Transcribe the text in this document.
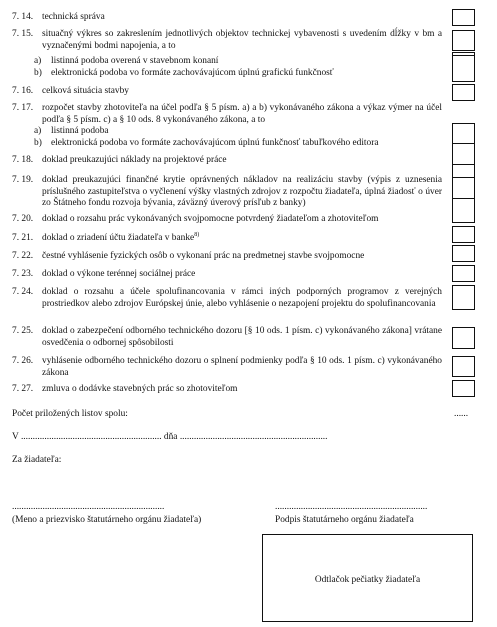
7. 14. technická správa
7. 15. situačný výkres so zakreslením jednotlivých objektov technickej vybavenosti s uvedením dĺžky v bm a vyznačenými bodmi napojenia, a to
a) listinná podoba overená v stavebnom konaní
b) elektronická podoba vo formáte zachovávajúcom úplnú grafickú funkčnosť
7. 16. celková situácia stavby
7. 17. rozpočet stavby zhotoviteľa na účel podľa § 5 písm. a) a b) vykonávaného zákona a výkaz výmer na účel podľa § 5 písm. c) a § 10 ods. 8 vykonávaného zákona, a to
a) listinná podoba
b) elektronická podoba vo formáte zachovávajúcom úplnú funkčnosť tabuľkového editora
7. 18. doklad preukazujúci náklady na projektové práce
7. 19. doklad preukazujúci finančné krytie oprávnených nákladov na realizáciu stavby (výpis z uznesenia príslušného zastupiteľstva o vyčlenení výšky vlastných zdrojov z rozpočtu žiadateľa, úplná žiadosť o úver zo Štátneho fondu rozvoja bývania, záväzný úverový prísľub z banky)
7. 20. doklad o rozsahu prác vykonávaných svojpomocne potvrdený žiadateľom a zhotoviteľom
7. 21. doklad o zriadení účtu žiadateľa v banke$^{8)}$
7. 22. čestné vyhlásenie fyzických osôb o vykonaní prác na predmetnej stavbe svojpomocne
7. 23. doklad o výkone terénnej sociálnej práce
7. 24. doklad o rozsahu a účele spolufinancovania v rámci iných podporných programov z verejných prostriedkov alebo zdrojov Európskej únie, alebo vyhlásenie o nezapojení projektu do spolufinancovania
7. 25. doklad o zabezpečení odborného technického dozoru [§ 10 ods. 1 písm. c) vykonávaného zákona] vrátane osvedčenia o odbornej spôsobilosti
7. 26. vyhlásenie odborného technického dozoru o splnení podmienky podľa § 10 ods. 1 písm. c) vykonávaného zákona
7. 27. zmluva o dodávke stavebných prác so zhotoviteľom
Počet priložených listov spolu:	......
V ............................................................ dňa ...............................................................
Za žiadateľa:
.................................................................	.................................................................
(Meno a priezvisko štatutárneho orgánu žiadateľa)	Podpis štatutárneho orgánu žiadateľa
Odtlačok pečiatky žiadateľa
